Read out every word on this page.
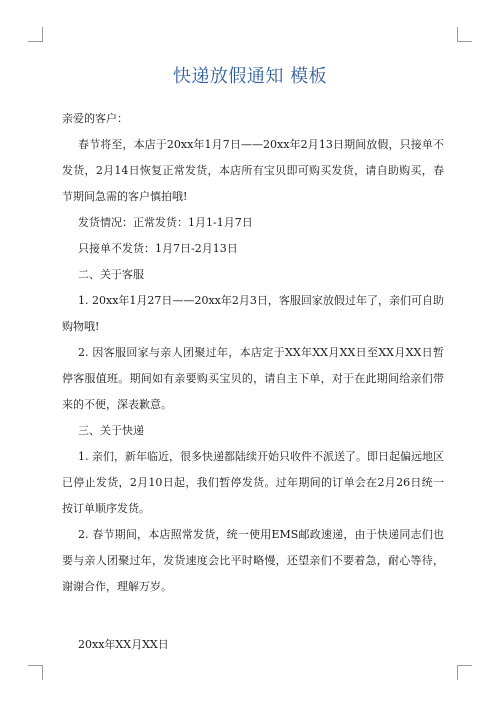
快递放假通知 模板

亲爱的客户：

春节将至，本店于20xx年1月7日——20xx年2月13日期间放假，只接单不发货，2月14日恢复正常发货，本店所有宝贝即可购买发货，请自助购买，春节期间急需的客户慎拍哦!

发货情况：正常发货：1月1-1月7日

只接单不发货：1月7日-2月13日

二、关于客服

1. 20xx年1月27日——20xx年2月3日，客服回家放假过年了，亲们可自助购物哦!

2. 因客服回家与亲人团聚过年，本店定于XX年XX月XX日至XX月XX日暂停客服值班。期间如有亲要购买宝贝的，请自主下单，对于在此期间给亲们带来的不便，深表歉意。

三、关于快递

1. 亲们，新年临近，很多快递都陆续开始只收件不派送了。即日起偏远地区已停止发货，2月10日起，我们暂停发货。过年期间的订单会在2月26日统一按订单顺序发货。

2. 春节期间，本店照常发货，统一使用EMS邮政速递，由于快递同志们也要与亲人团聚过年，发货速度会比平时略慢，还望亲们不要着急，耐心等待，谢谢合作，理解万岁。

20xx年XX月XX日
